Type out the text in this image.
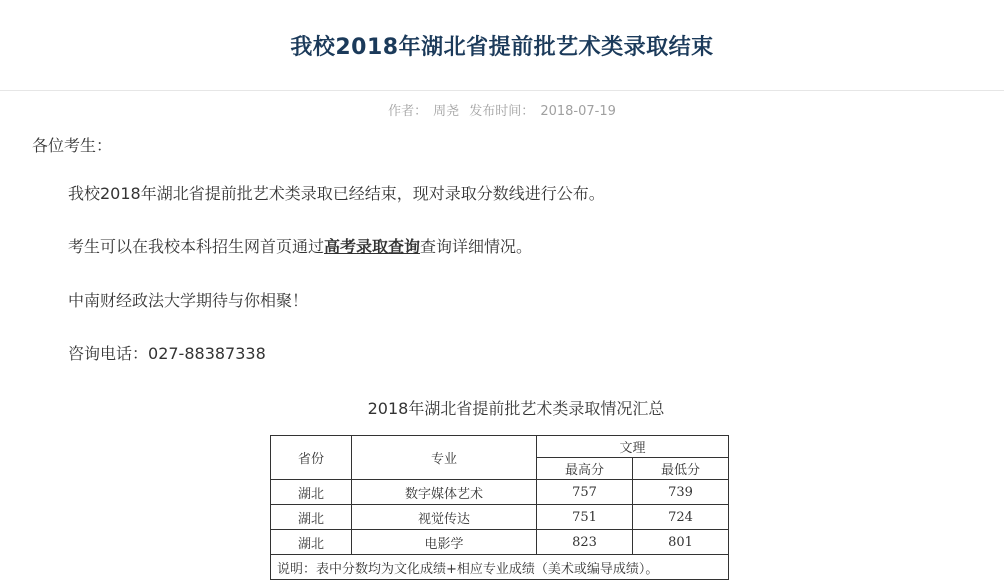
我校2018年湖北省提前批艺术类录取结束
作者： 周尧 发布时间： 2018-07-19
各位考生：
我校2018年湖北省提前批艺术类录取已经结束，现对录取分数线进行公布。
考生可以在我校本科招生网首页通过高考录取查询查询详细情况。
中南财经政法大学期待与你相聚！
咨询电话：027-88387338
2018年湖北省提前批艺术类录取情况汇总
省份	专业	文理	
		最高分	最低分
湖北	数字媒体艺术	757	739
湖北	视觉传达	751	724
湖北	电影学	823	801
说明：表中分数均为文化成绩+相应专业成绩（美术或编导成绩）。			
